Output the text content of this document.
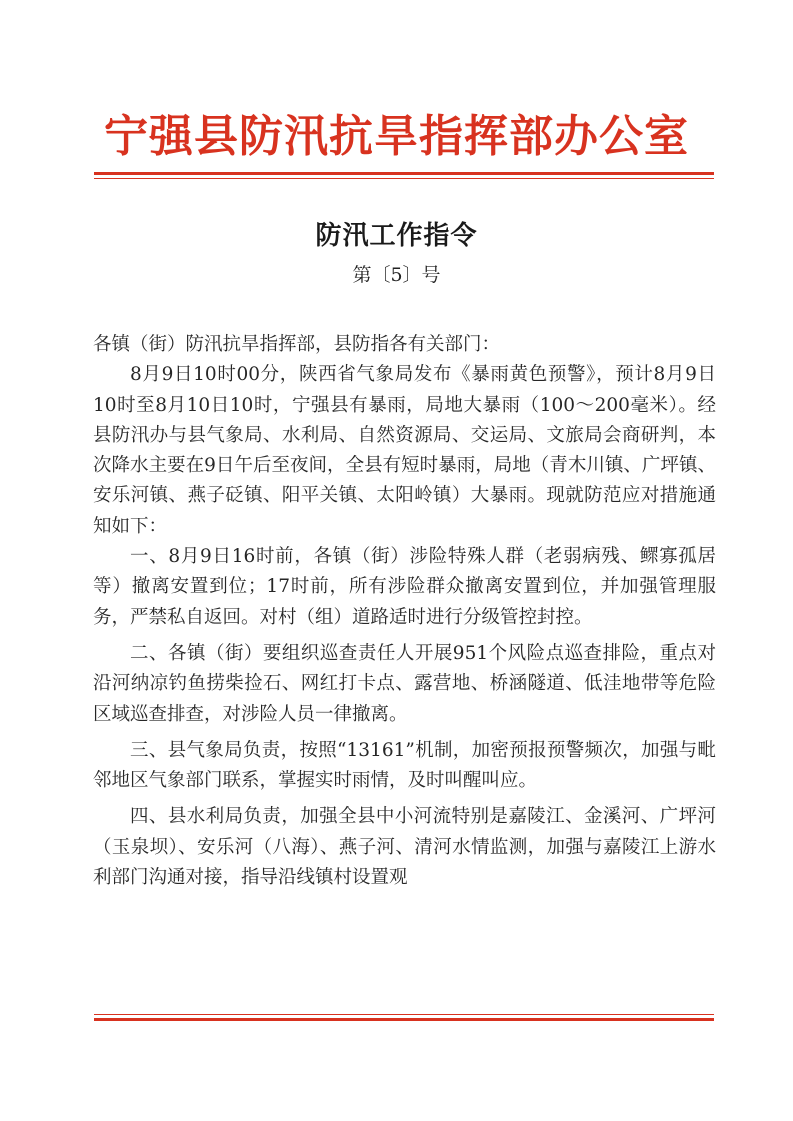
宁强县防汛抗旱指挥部办公室
防汛工作指令
第〔5〕号

各镇（街）防汛抗旱指挥部，县防指各有关部门：

8月9日10时00分，陕西省气象局发布《暴雨黄色预警》，预计8月9日10时至8月10日10时，宁强县有暴雨，局地大暴雨（100～200毫米）。经县防汛办与县气象局、水利局、自然资源局、交运局、文旅局会商研判，本次降水主要在9日午后至夜间，全县有短时暴雨，局地（青木川镇、广坪镇、安乐河镇、燕子砭镇、阳平关镇、太阳岭镇）大暴雨。现就防范应对措施通知如下：

一、8月9日16时前，各镇（街）涉险特殊人群（老弱病残、鳏寡孤居等）撤离安置到位；17时前，所有涉险群众撤离安置到位，并加强管理服务，严禁私自返回。对村（组）道路适时进行分级管控封控。

二、各镇（街）要组织巡查责任人开展951个风险点巡查排险，重点对沿河纳凉钓鱼捞柴捡石、网红打卡点、露营地、桥涵隧道、低洼地带等危险区域巡查排查，对涉险人员一律撤离。

三、县气象局负责，按照“13161”机制，加密预报预警频次，加强与毗邻地区气象部门联系，掌握实时雨情，及时叫醒叫应。

四、县水利局负责，加强全县中小河流特别是嘉陵江、金溪河、广坪河（玉泉坝）、安乐河（八海）、燕子河、清河水情监测，加强与嘉陵江上游水利部门沟通对接，指导沿线镇村设置观
